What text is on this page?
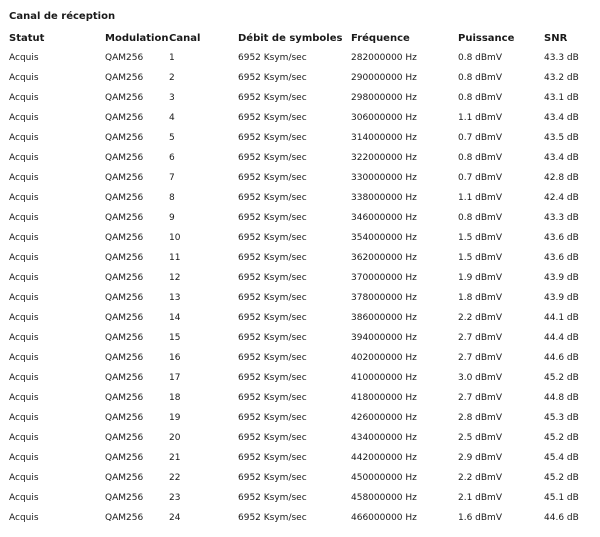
Canal de réception
Statut	Modulation	Canal	Débit de symboles	Fréquence	Puissance	SNR
Acquis	QAM256	1	6952 Ksym/sec	282000000 Hz	0.8 dBmV	43.3 dB
Acquis	QAM256	2	6952 Ksym/sec	290000000 Hz	0.8 dBmV	43.2 dB
Acquis	QAM256	3	6952 Ksym/sec	298000000 Hz	0.8 dBmV	43.1 dB
Acquis	QAM256	4	6952 Ksym/sec	306000000 Hz	1.1 dBmV	43.4 dB
Acquis	QAM256	5	6952 Ksym/sec	314000000 Hz	0.7 dBmV	43.5 dB
Acquis	QAM256	6	6952 Ksym/sec	322000000 Hz	0.8 dBmV	43.4 dB
Acquis	QAM256	7	6952 Ksym/sec	330000000 Hz	0.7 dBmV	42.8 dB
Acquis	QAM256	8	6952 Ksym/sec	338000000 Hz	1.1 dBmV	42.4 dB
Acquis	QAM256	9	6952 Ksym/sec	346000000 Hz	0.8 dBmV	43.3 dB
Acquis	QAM256	10	6952 Ksym/sec	354000000 Hz	1.5 dBmV	43.6 dB
Acquis	QAM256	11	6952 Ksym/sec	362000000 Hz	1.5 dBmV	43.6 dB
Acquis	QAM256	12	6952 Ksym/sec	370000000 Hz	1.9 dBmV	43.9 dB
Acquis	QAM256	13	6952 Ksym/sec	378000000 Hz	1.8 dBmV	43.9 dB
Acquis	QAM256	14	6952 Ksym/sec	386000000 Hz	2.2 dBmV	44.1 dB
Acquis	QAM256	15	6952 Ksym/sec	394000000 Hz	2.7 dBmV	44.4 dB
Acquis	QAM256	16	6952 Ksym/sec	402000000 Hz	2.7 dBmV	44.6 dB
Acquis	QAM256	17	6952 Ksym/sec	410000000 Hz	3.0 dBmV	45.2 dB
Acquis	QAM256	18	6952 Ksym/sec	418000000 Hz	2.7 dBmV	44.8 dB
Acquis	QAM256	19	6952 Ksym/sec	426000000 Hz	2.8 dBmV	45.3 dB
Acquis	QAM256	20	6952 Ksym/sec	434000000 Hz	2.5 dBmV	45.2 dB
Acquis	QAM256	21	6952 Ksym/sec	442000000 Hz	2.9 dBmV	45.4 dB
Acquis	QAM256	22	6952 Ksym/sec	450000000 Hz	2.2 dBmV	45.2 dB
Acquis	QAM256	23	6952 Ksym/sec	458000000 Hz	2.1 dBmV	45.1 dB
Acquis	QAM256	24	6952 Ksym/sec	466000000 Hz	1.6 dBmV	44.6 dB
